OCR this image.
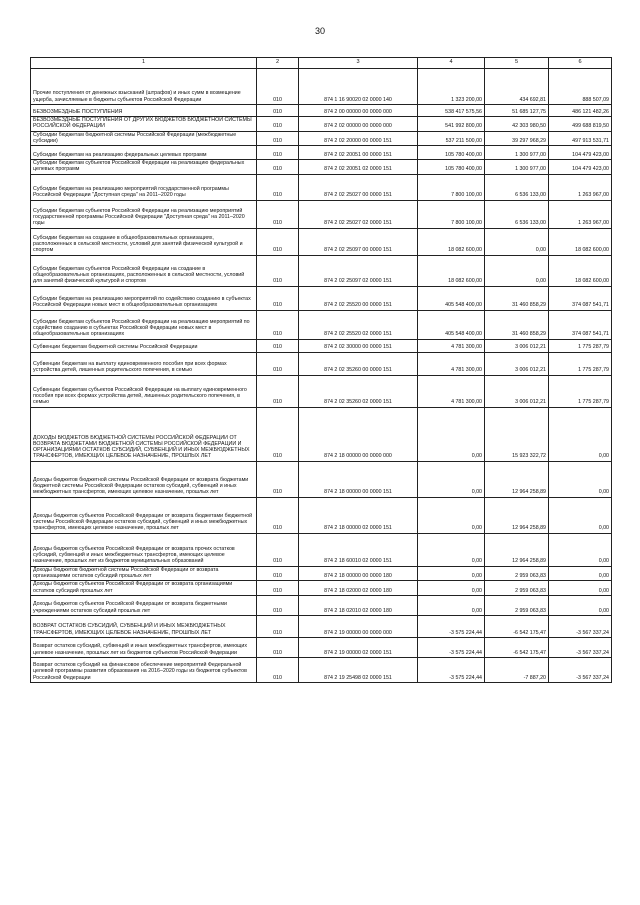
30
1	2	3	4	5	6
Прочие поступления от денежных взысканий (штрафов) и иных сумм в возмещение ущерба, зачисляемые в бюджеты субъектов Российской Федерации	010	874 1 16 90020 02 0000 140	1 323 200,00	434 692,81	888 507,09
БЕЗВОЗМЕЗДНЫЕ ПОСТУПЛЕНИЯ	010	874 2 00 00000 00 0000 000	538 417 575,56	51 685 127,75	486 121 482,26
БЕЗВОЗМЕЗДНЫЕ ПОСТУПЛЕНИЯ ОТ ДРУГИХ БЮДЖЕТОВ БЮДЖЕТНОЙ СИСТЕМЫ РОССИЙСКОЙ ФЕДЕРАЦИИ	010	874 2 02 00000 00 0000 000	541 992 800,00	42 303 980,50	499 688 819,50
Субсидии бюджетам бюджетной системы Российской Федерации (межбюджетные субсидии)	010	874 2 02 20000 00 0000 151	537 211 500,00	39 297 968,29	497 913 531,71
Субсидии бюджетам на реализацию федеральных целевых программ	010	874 2 02 20051 00 0000 151	105 780 400,00	1 300 977,00	104 479 423,00
Субсидии бюджетам субъектов Российской Федерации на реализацию федеральных целевых программ	010	874 2 02 20051 02 0000 151	105 780 400,00	1 300 977,00	104 479 423,00
Субсидии бюджетам на реализацию мероприятий государственной программы Российской Федерации "Доступная среда" на 2011–2020 годы	010	874 2 02 25027 00 0000 151	7 800 100,00	6 536 133,00	1 263 967,00
Субсидии бюджетам субъектов Российской Федерации на реализацию мероприятий государственной программы Российской Федерации "Доступная среда" на 2011–2020 годы	010	874 2 02 25027 02 0000 151	7 800 100,00	6 536 133,00	1 263 967,00
Субсидии бюджетам на создание в общеобразовательных организациях, расположенных в сельской местности, условий для занятий физической культурой и спортом	010	874 2 02 25097 00 0000 151	18 082 600,00	0,00	18 082 600,00
Субсидии бюджетам субъектов Российской Федерации на создание в общеобразовательных организациях, расположенных в сельской местности, условий для занятий физической культурой и спортом	010	874 2 02 25097 02 0000 151	18 082 600,00	0,00	18 082 600,00
Субсидии бюджетам на реализацию мероприятий по содействию созданию в субъектах Российской Федерации новых мест в общеобразовательных организациях	010	874 2 02 25520 00 0000 151	405 548 400,00	31 460 858,29	374 087 541,71
Субсидии бюджетам субъектов Российской Федерации на реализацию мероприятий по содействию созданию в субъектах Российской Федерации новых мест в общеобразовательных организациях	010	874 2 02 25520 02 0000 151	405 548 400,00	31 460 858,29	374 087 541,71
Субвенции бюджетам бюджетной системы Российской Федерации	010	874 2 02 30000 00 0000 151	4 781 300,00	3 006 012,21	1 775 287,79
Субвенции бюджетам на выплату единовременного пособия при всех формах устройства детей, лишенных родительского попечения, в семью	010	874 2 02 35260 00 0000 151	4 781 300,00	3 006 012,21	1 775 287,79
Субвенции бюджетам субъектов Российской Федерации на выплату единовременного пособия при всех формах устройства детей, лишенных родительского попечения, в семью	010	874 2 02 35260 02 0000 151	4 781 300,00	3 006 012,21	1 775 287,79
ДОХОДЫ БЮДЖЕТОВ БЮДЖЕТНОЙ СИСТЕМЫ РОССИЙСКОЙ ФЕДЕРАЦИИ ОТ ВОЗВРАТА БЮДЖЕТАМИ БЮДЖЕТНОЙ СИСТЕМЫ РОССИЙСКОЙ ФЕДЕРАЦИИ И ОРГАНИЗАЦИЯМИ ОСТАТКОВ СУБСИДИЙ, СУБВЕНЦИЙ И ИНЫХ МЕЖБЮДЖЕТНЫХ ТРАНСФЕРТОВ, ИМЕЮЩИХ ЦЕЛЕВОЕ НАЗНАЧЕНИЕ, ПРОШЛЫХ ЛЕТ	010	874 2 18 00000 00 0000 000	0,00	15 923 322,72	0,00
Доходы бюджетов бюджетной системы Российской Федерации от возврата бюджетами бюджетной системы Российской Федерации остатков субсидий, субвенций и иных межбюджетных трансфертов, имеющих целевое назначение, прошлых лет	010	874 2 18 00000 00 0000 151	0,00	12 964 258,89	0,00
Доходы бюджетов субъектов Российской Федерации от возврата бюджетами бюджетной системы Российской Федерации остатков субсидий, субвенций и иных межбюджетных трансфертов, имеющих целевое назначение, прошлых лет	010	874 2 18 00000 02 0000 151	0,00	12 964 258,89	0,00
Доходы бюджетов субъектов Российской Федерации от возврата прочих остатков субсидий, субвенций и иных межбюджетных трансфертов, имеющих целевое назначение, прошлых лет из бюджетов муниципальных образований	010	874 2 18 60010 02 0000 151	0,00	12 964 258,89	0,00
Доходы бюджетов бюджетной системы Российской Федерации от возврата организациями остатков субсидий прошлых лет	010	874 2 18 00000 00 0000 180	0,00	2 959 063,83	0,00
Доходы бюджетов субъектов Российской Федерации от возврата организациями остатков субсидий прошлых лет	010	874 2 18 02000 02 0000 180	0,00	2 959 063,83	0,00
Доходы бюджетов субъектов Российской Федерации от возврата бюджетными учреждениями остатков субсидий прошлых лет	010	874 2 18 02010 02 0000 180	0,00	2 959 063,83	0,00
ВОЗВРАТ ОСТАТКОВ СУБСИДИЙ, СУБВЕНЦИЙ И ИНЫХ МЕЖБЮДЖЕТНЫХ ТРАНСФЕРТОВ, ИМЕЮЩИХ ЦЕЛЕВОЕ НАЗНАЧЕНИЕ, ПРОШЛЫХ ЛЕТ	010	874 2 19 00000 00 0000 000	-3 575 224,44	-6 542 175,47	-3 567 337,24
Возврат остатков субсидий, субвенций и иных межбюджетных трансфертов, имеющих целевое назначение, прошлых лет из бюджетов субъектов Российской Федерации	010	874 2 19 00000 02 0000 151	-3 575 224,44	-6 542 175,47	-3 567 337,24
Возврат остатков субсидий на финансовое обеспечение мероприятий Федеральной целевой программы развития образования на 2016–2020 годы из бюджетов субъектов Российской Федерации	010	874 2 19 25498 02 0000 151	-3 575 224,44	-7 887,20	-3 567 337,24
